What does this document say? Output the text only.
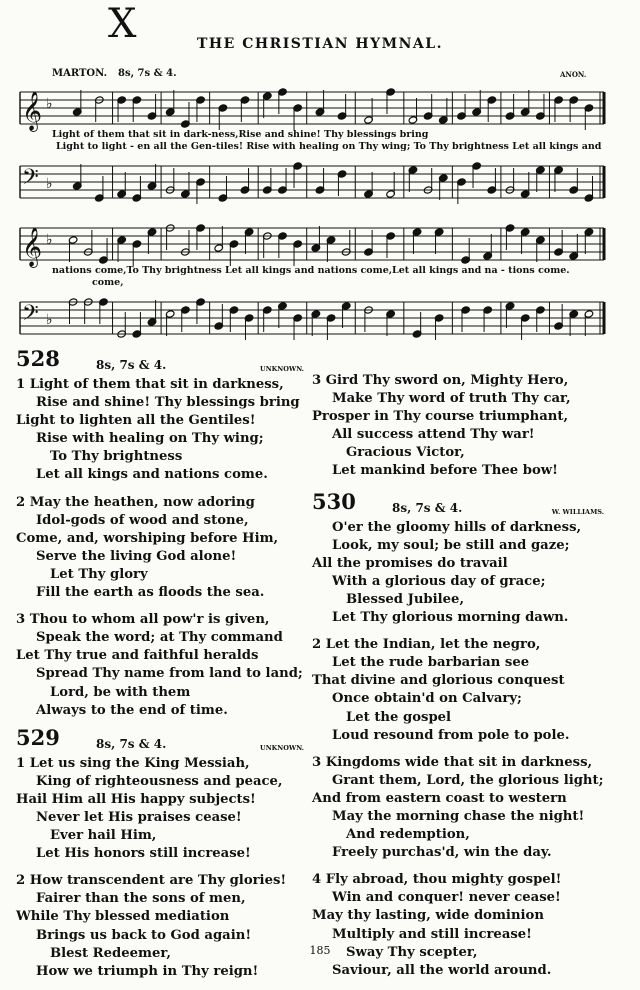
X	THE CHRISTIAN HYMNAL.
MARTON. 8s, 7s & 4.	ANON.
𝄞 ♭
𝄢 ♭
𝄞 ♭
𝄢 ♭
Light of them that sit in dark-ness,Rise and shine! Thy blessings bring
Light to light - en all the Gen-tiles! Rise with healing on Thy wing; To Thy brightness Let all kings and
nations come,To Thy brightness Let all kings and nations come,Let all kings and na - tions come.
come,
528	8s, 7s & 4.	UNKNOWN.
1 Light of them that sit in darkness,
Rise and shine! Thy blessings bring
Light to lighten all the Gentiles!
Rise with healing on Thy wing;
To Thy brightness
Let all kings and nations come.
2 May the heathen, now adoring
Idol-gods of wood and stone,
Come, and, worshiping before Him,
Serve the living God alone!
Let Thy glory
Fill the earth as floods the sea.
3 Thou to whom all pow'r is given,
Speak the word; at Thy command
Let Thy true and faithful heralds
Spread Thy name from land to land;
Lord, be with them
Always to the end of time.
529	8s, 7s & 4.	UNKNOWN.
1 Let us sing the King Messiah,
King of righteousness and peace,
Hail Him all His happy subjects!
Never let His praises cease!
Ever hail Him,
Let His honors still increase!
2 How transcendent are Thy glories!
Fairer than the sons of men,
While Thy blessed mediation
Brings us back to God again!
Blest Redeemer,
How we triumph in Thy reign!
3 Gird Thy sword on, Mighty Hero,
Make Thy word of truth Thy car,
Prosper in Thy course triumphant,
All success attend Thy war!
Gracious Victor,
Let mankind before Thee bow!
530	8s, 7s & 4.	W. WILLIAMS.
O'er the gloomy hills of darkness,
Look, my soul; be still and gaze;
All the promises do travail
With a glorious day of grace;
Blessed Jubilee,
Let Thy glorious morning dawn.
2 Let the Indian, let the negro,
Let the rude barbarian see
That divine and glorious conquest
Once obtain'd on Calvary;
Let the gospel
Loud resound from pole to pole.
3 Kingdoms wide that sit in darkness,
Grant them, Lord, the glorious light;
And from eastern coast to western
May the morning chase the night!
And redemption,
Freely purchas'd, win the day.
4 Fly abroad, thou mighty gospel!
Win and conquer! never cease!
May thy lasting, wide dominion
Multiply and still increase!
Sway Thy scepter,
Saviour, all the world around.
185
